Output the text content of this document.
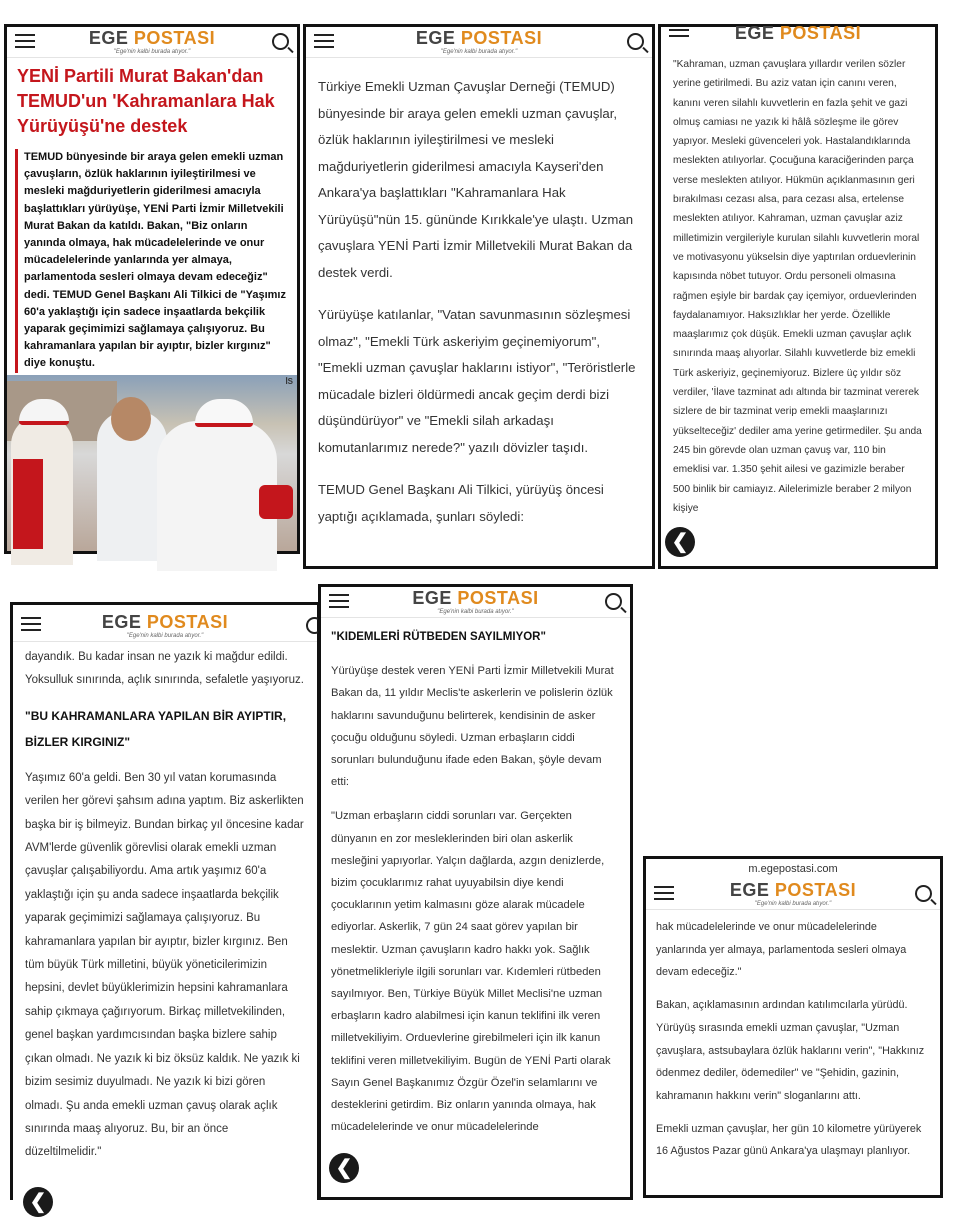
EGE POSTASI
"Ege'nin kalbi burada atıyor."
YENİ Partili Murat Bakan'dan TEMUD'un 'Kahramanlara Hak Yürüyüşü'ne destek
TEMUD bünyesinde bir araya gelen emekli uzman çavuşların, özlük haklarının iyileştirilmesi ve mesleki mağduriyetlerin giderilmesi amacıyla başlattıkları yürüyüşe, YENİ Parti İzmir Milletvekili Murat Bakan da katıldı. Bakan, "Biz onların yanında olmaya, hak mücadelelerinde ve onur mücadelelerinde yanlarında yer almaya, parlamentoda sesleri olmaya devam edeceğiz" dedi. TEMUD Genel Başkanı Ali Tilkici de "Yaşımız 60'a yaklaştığı için sadece inşaatlarda bekçilik yaparak geçimimizi sağlamaya çalışıyoruz. Bu kahramanlara yapılan bir ayıptır, bizler kırgınız" diye konuştu.
İS
EGE POSTASI
"Ege'nin kalbi burada atıyor."

Türkiye Emekli Uzman Çavuşlar Derneği (TEMUD) bünyesinde bir araya gelen emekli uzman çavuşlar, özlük haklarının iyileştirilmesi ve mesleki mağduriyetlerin giderilmesi amacıyla Kayseri'den Ankara'ya başlattıkları "Kahramanlara Hak Yürüyüşü"nün 15. gününde Kırıkkale'ye ulaştı. Uzman çavuşlara YENİ Parti İzmir Milletvekili Murat Bakan da destek verdi.

Yürüyüşe katılanlar, "Vatan savunmasının sözleşmesi olmaz", "Emekli Türk askeriyim geçinemiyorum", "Emekli uzman çavuşlar haklarını istiyor", "Teröristlerle mücadale bizleri öldürmedi ancak geçim derdi bizi düşündürüyor" ve "Emekli silah arkadaşı komutanlarımız nerede?" yazılı dövizler taşıdı.

TEMUD Genel Başkanı Ali Tilkici, yürüyüş öncesi yaptığı açıklamada, şunları söyledi:

EGE POSTASI
"Kahraman, uzman çavuşlara yıllardır verilen sözler yerine getirilmedi. Bu aziz vatan için canını veren, kanını veren silahlı kuvvetlerin en fazla şehit ve gazi olmuş camiası ne yazık ki hâlâ sözleşme ile görev yapıyor. Mesleki güvenceleri yok. Hastalandıklarında meslekten atılıyorlar. Çocuğuna karaciğerinden parça verse meslekten atılıyor. Hükmün açıklanmasının geri bırakılması cezası alsa, para cezası alsa, ertelense meslekten atılıyor. Kahraman, uzman çavuşlar aziz milletimizin vergileriyle kurulan silahlı kuvvetlerin moral ve motivasyonu yükselsin diye yaptırılan orduevlerinin kapısında nöbet tutuyor. Ordu personeli olmasına rağmen eşiyle bir bardak çay içemiyor, orduevlerinden faydalanamıyor. Haksızlıklar her yerde. Özellikle maaşlarımız çok düşük. Emekli uzman çavuşlar açlık sınırında maaş alıyorlar. Silahlı kuvvetlerde biz emekli Türk askeriyiz, geçinemiyoruz. Bizlere üç yıldır söz verdiler, 'İlave tazminat adı altında bir tazminat vererek sizlere de bir tazminat verip emekli maaşlarınızı yükselteceğiz' dediler ama yerine getirmediler. Şu anda 245 bin görevde olan uzman çavuş var, 110 bin emeklisi var. 1.350 şehit ailesi ve gazimizle beraber 500 binlik bir camiayız. Ailelerimizle beraber 2 milyon kişiye
❮
EGE POSTASI
"Ege'nin kalbi burada atıyor."

dayandık. Bu kadar insan ne yazık ki mağdur edildi. Yoksulluk sınırında, açlık sınırında, sefaletle yaşıyoruz.

"BU KAHRAMANLARA YAPILAN BİR AYIPTIR, BİZLER KIRGINIZ"

Yaşımız 60'a geldi. Ben 30 yıl vatan korumasında verilen her görevi şahsım adına yaptım. Biz askerlikten başka bir iş bilmeyiz. Bundan birkaç yıl öncesine kadar AVM'lerde güvenlik görevlisi olarak emekli uzman çavuşlar çalışabiliyordu. Ama artık yaşımız 60'a yaklaştığı için şu anda sadece inşaatlarda bekçilik yaparak geçimimizi sağlamaya çalışıyoruz. Bu kahramanlara yapılan bir ayıptır, bizler kırgınız. Ben tüm büyük Türk milletini, büyük yöneticilerimizin hepsini, devlet büyüklerimizin hepsini kahramanlara sahip çıkmaya çağırıyorum. Birkaç milletvekilinden, genel başkan yardımcısından başka bizlere sahip çıkan olmadı. Ne yazık ki biz öksüz kaldık. Ne yazık ki bizim sesimiz duyulmadı. Ne yazık ki bizi gören olmadı. Şu anda emekli uzman çavuş olarak açlık sınırında maaş alıyoruz. Bu, bir an önce düzeltilmelidir."

❮
EGE POSTASI
"Ege'nin kalbi burada atıyor."
"KIDEMLERİ RÜTBEDEN SAYILMIYOR"

Yürüyüşe destek veren YENİ Parti İzmir Milletvekili Murat Bakan da, 11 yıldır Meclis'te askerlerin ve polislerin özlük haklarını savunduğunu belirterek, kendisinin de asker çocuğu olduğunu söyledi. Uzman erbaşların ciddi sorunları bulunduğunu ifade eden Bakan, şöyle devam etti:

"Uzman erbaşların ciddi sorunları var. Gerçekten dünyanın en zor mesleklerinden biri olan askerlik mesleğini yapıyorlar. Yalçın dağlarda, azgın denizlerde, bizim çocuklarımız rahat uyuyabilsin diye kendi çocuklarının yetim kalmasını göze alarak mücadele ediyorlar. Askerlik, 7 gün 24 saat görev yapılan bir meslektir. Uzman çavuşların kadro hakkı yok. Sağlık yönetmelikleriyle ilgili sorunları var. Kıdemleri rütbeden sayılmıyor. Ben, Türkiye Büyük Millet Meclisi'ne uzman erbaşların kadro alabilmesi için kanun teklifini ilk veren milletvekiliyim. Orduevlerine girebilmeleri için ilk kanun teklifini veren milletvekiliyim. Bugün de YENİ Parti olarak Sayın Genel Başkanımız Özgür Özel'in selamlarını ve desteklerini getirdim. Biz onların yanında olmaya, hak mücadelelerinde ve onur mücadelelerinde

❮
m.egepostasi.com
EGE POSTASI
"Ege'nin kalbi burada atıyor."

hak mücadelelerinde ve onur mücadelelerinde yanlarında yer almaya, parlamentoda sesleri olmaya devam edeceğiz."

Bakan, açıklamasının ardından katılımcılarla yürüdü. Yürüyüş sırasında emekli uzman çavuşlar, "Uzman çavuşlara, astsubaylara özlük haklarını verin", "Hakkınız ödenmez dediler, ödemediler" ve "Şehidin, gazinin, kahramanın hakkını verin" sloganlarını attı.

Emekli uzman çavuşlar, her gün 10 kilometre yürüyerek 16 Ağustos Pazar günü Ankara'ya ulaşmayı planlıyor.
